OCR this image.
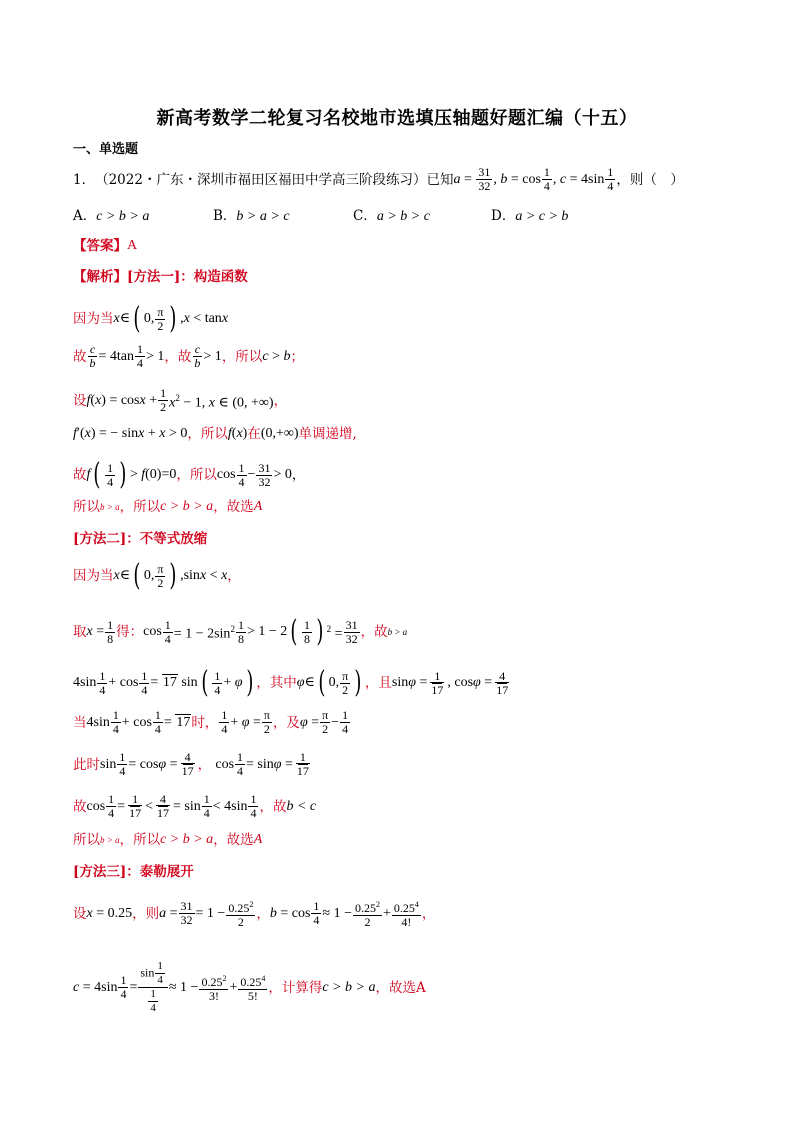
新高考数学二轮复习名校地市选填压轴题好题汇编（十五）
一、单选题
1． （2022・广东・深圳市福田区福田中学高三阶段练习）已知 $a = \frac{31}{32}$ , $b = \cos \frac{1}{4}$ , $c = 4\sin \frac{1}{4}$ ，则（　）
A．c > b > a	B．b > a > c	C．a > b > c	D．a > c > b
【答案】 A
【解析】 [方法一]：构造函数
因为当 x∈ ( 0, $\frac{\pi}{2}$ ) ,x < tanx
故 $\frac{c}{b} = 4\tan \frac{1}{4} > 1$ ，故 $\frac{c}{b} > 1$ ，所以 c > b ；
设 $f(x) = \cos x + \frac{1}{2} x^2 - 1$, x ∈ (0, +∞) ，
f′(x) = − sinx + x > 0 ，所以 f(x) 在 (0,+∞) 单调递增,
故 f ( $\frac{1}{4}$ ) > f(0)=0 ，所以 $\cos \frac{1}{4} - \frac{31}{32} > 0$ ，
所以 b > a ，所以 c > b > a ，故选 A
[方法二]：不等式放缩
因为当 x∈ ( 0, $\frac{\pi}{2}$ ) ,sinx < x ，
取 $x = \frac{1}{8}$ 得： $\cos \frac{1}{4} = 1 - 2\sin^2 \frac{1}{8} > 1 - 2$ ( $\frac{1}{8}$ ) $^2 = \frac{31}{32}$ ，故 b > a
$4\sin \frac{1}{4} + \cos \frac{1}{4} = 17$ sin ( $\frac{1}{4} + \varphi$ ) ，其中 φ∈ ( 0, $\frac{\pi}{2}$ ) ，且 $\sin\varphi = \frac{1}{17}$ , $\cos\varphi = \frac{4}{17}$
当 $4\sin \frac{1}{4} + \cos \frac{1}{4} = 17$ 时， $\frac{1}{4} + \varphi = \frac{\pi}{2}$ ，及 $\varphi = \frac{\pi}{2} - \frac{1}{4}$
此时 $\sin \frac{1}{4} = \cos\varphi = \frac{4}{17}$ ， $\cos \frac{1}{4} = \sin\varphi = \frac{1}{17}$
故 $\cos \frac{1}{4} = \frac{1}{17} < \frac{4}{17} = \sin \frac{1}{4} < 4\sin \frac{1}{4}$ ，故 b < c
所以 b > a ，所以 c > b > a ，故选 A
[方法三]：泰勒展开
设 x = 0.25 ，则 $a = \frac{31}{32} = 1 - \frac{0.25^2}{2}$ ， $b = \cos \frac{1}{4} \approx 1 - \frac{0.25^2}{2} + \frac{0.25^4}{4!}$ ，
$c = 4\sin \frac{1}{4} = \frac{\sin \frac{1}{4}}{\frac{1}{4}} \approx 1 - \frac{0.25^2}{3!} + \frac{0.25^4}{5!}$ ，计算得 c > b > a ，故选A
